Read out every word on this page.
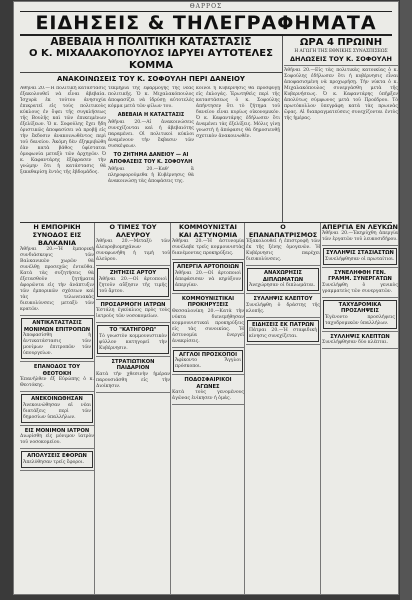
ΘΑΡΡΟΣ
ΕΙΔΗΣΕΙΣ & ΤΗΛΕΓΡΑΦΗΜΑΤΑ
ΑΒΕΒΑΙΑ Η ΠΟΛΙΤΙΚΗ ΚΑΤΑΣΤΑΣΙΣ
Ο Κ. ΜΙΧΑΛΑΚΟΠΟΥΛΟΣ ΙΔΡΥΕΙ ΑΥΤΟΤΕΛΕΣ ΚΟΜΜΑ
ΑΝΑΚΟΙΝΩΣΕΙΣ ΤΟΥ Κ. ΣΟΦΟΥΛΗ ΠΕΡΙ ΔΑΝΕΙΟΥ

Ἀθῆναι 20.—Ἡ πολιτικὴ κατάστασις ἐξακολουθεῖ νὰ εἶναι ἀβεβαία. Ἰσχυρὰ ἐκ τούτου ἀνησυχία ἐπικρατεῖ εἰς τοὺς πολιτικοὺς κύκλους ἐν ὄψει τῆς συγκλήσεως τῆς Βουλῆς καὶ τῶν ἐπικειμένων ἐξελίξεων. Ὁ κ. Σοφούλης ἔχει ἤδη ὁριστικῶς ἀποφασίσει νὰ προβῇ εἰς τὴν ἔκδοσιν ἀνακοινωθέντος περὶ τοῦ δανείου. Ἀκόμη δὲν ἐξηκριβώθη ἐὰν κατὰ βάθος ὑφίσταται ὁμοφωνία μεταξὺ τῶν ἀρχηγῶν. Ὁ κ. Καφαντάρης ἐξέφρασεν τὴν γνώμην ὅτι ἡ κατάστασις θὰ ξεκαθαρίσῃ ἐντὸς τῆς ἑβδομάδος.

τεκμήρια τῆς ἐφαρμογῆς τῆς νέας πολιτικῆς. Ὁ κ. Μιχαλακόπουλος ἀποφασίζει νὰ ἱδρύσῃ αὐτοτελὲς κόμμα μετὰ τῶν φίλων του.

ΑΒΕΒΑΙΑ Η ΚΑΤΑΣΤΑΣΙΣ

Ἀθῆναι 20.—Αἱ ἀνακοινώσεις συνεχίζονται καὶ ἡ ἀβεβαιότης παραμένει. Οἱ πολιτικοὶ κύκλοι ἀναμένουν τὴν ἔκβασιν τῶν συσκέψεων.

ΤΟ ΖΗΤΗΜΑ ΔΑΝΕΙΟΥ — ΑΙ ΑΠΟΦΑΣΕΙΣ ΤΟΥ Κ. ΣΟΦΟΥΛΗ

Ἀθῆναι 20.—Καθ' ἃ πληροφορούμεθα ἡ Κυβέρνησις θὰ ἀνακοινώσῃ τὰς ἀποφάσεις της.

κοινοί ἡ Κυβέρνησις θὰ προσφυγῇ εἰς ἐκλογάς. Ἐρωτηθεὶς περὶ τῆς καταστάσεως ὁ κ. Σοφούλης ἀπήντησεν ὅτι τὸ ζήτημα τοῦ δανείου εἶναι κυρίως οἰκονομικόν. Ὁ κ. Καφαντάρης ἐδήλωσεν ὅτι ἀναμένει τὰς ἐξελίξεις. Μόλις γίνῃ γνωστὴ ἡ ἀπόφασις θὰ δημοσιευθῇ σχετικὸν ἀνακοινωθέν.

ΩΡΑ 4 ΠΡΩΙΝΗ
Η ΑΓΩΓΗ ΤΗΣ ΕΘΝΙΚΗΣ ΣΥΝΑΣΠΙΣΕΩΣ
ΔΗΛΩΣΕΙΣ ΤΟΥ Κ. ΣΟΦΟΥΛΗ

Ἀθῆναι 20.—Εἰς τὰς πολιτικὰς κατοικίας ὁ κ. Σοφούλης ἐδήλωσεν ὅτι ἡ κυβέρνησις εἶναι ἀποφασισμένη νὰ προχωρήσῃ. Τὴν νύκτα ὁ κ. Μιχαλακόπουλος συνεργάσθη μετὰ τῆς Κυβερνήσεως. Ὁ κ. Καφαντάρης ὑπῆρξεν ἀπολύτως σύμφωνος μετὰ τοῦ Προέδρου. Τὸ πρωτόκολλον ὑπεγράφη κατὰ τὰς πρωινὰς ὥρας. Αἱ διαπραγματεύσεις συνεχίζονται ἐντὸς τῆς ἡμέρας.

Η ΕΜΠΟΡΙΚΗ ΣΥΝΟΔΟΣ ΕΙΣ ΒΑΛΚΑΝΙΑ

Ἀθῆναι 20.—Ἡ ἐμπορικὴ συνδιάσκεψις τῶν Βαλκανικῶν χωρῶν θὰ συνέλθῃ προσεχῶς ἐνταῦθα. Κατὰ τὰς συζητήσεις θὰ ἐξετασθοῦν ζητήματα ἀφορῶντα εἰς τὴν ἀνάπτυξιν τῶν ἐμπορικῶν σχέσεων καὶ τὰς τελωνειακὰς διευκολύνσεις μεταξὺ τῶν κρατῶν.

ΑΝΤΙΚΑΤΑΣΤΑΣΙΣ ΜΟΝΙΜΩΝ ΕΠΙΤΡΟΠΩΝ

Ἀποφασίσθη ἡ ἀντικατάστασις τῶν μονίμων ἐπιτροπῶν τῶν ὑπουργείων.

ΕΠΑΝΟΔΟΣ ΤΟΥ ΘΕΟΤΟΚΗ

Ἐπανῆλθεν ἐξ Εὐρώπης ὁ κ. Θεοτόκης.

ΑΝΕΚΟΙΝΩΘΗΣΑΝ

Ἀνεκοινώθησαν αἱ νέαι διατάξεις περὶ τῶν δημοσίων ὑπαλλήλων.

ΕΙΣ ΜΟΝΙΜΟΝ ΙΑΤΡΟΝ

Διωρίσθη εἰς μόνιμον ἰατρὸν τοῦ νοσοκομείου.

ΑΠΟΛΥΣΕΙΣ ΕΦΟΡΩΝ

Ἀπελύθησαν τρεῖς ἔφοροι.

Ο ΤΙΜΕΣ ΤΟΥ ΑΛΕΥΡΟΥ

Ἀθῆναι 20.—Μεταξὺ τῶν ἀλευροβιομηχάνων συνεφωνήθη ἡ τιμὴ τοῦ ἀλεύρου.

ΖΗΤΗΣΙΣ ΑΡΤΟΥ

Ἀθῆναι 20.—Οἱ ἀρτοποιοὶ ζητοῦν αὔξησιν τῆς τιμῆς τοῦ ἄρτου.

ΠΡΟΣΑΡΜΟΓΗ ΙΑΤΡΩΝ

Ἐστάλη ἐγκύκλιος πρὸς τοὺς ἰατροὺς τῶν νοσοκομείων.

ΤΟ "ΚΑΤΗΓΟΡΩ"

Τὸ γνωστὸν κομμουνιστικὸν φύλλον κατηγορεῖ τὴν Κυβέρνησιν.

ΣΤΡΑΤΙΩΤΙΚΟΝ ΠΑΙΔΑΡΙΟΝ

Κατὰ τὴν χθεσινὴν ἡμέραν παρουσιάσθη εἰς τὴν Διοίκησιν.

ΚΟΜΜΟΥΝΙΣΤΑΙ ΚΑΙ ΑΣΤΥΝΟΜΙΑ

Ἀθῆναι 20.—Ἡ ἀστυνομία συνέλαβε τρεῖς κομμουνιστὰς διανέμοντας προκηρύξεις.

ΑΠΕΡΓΙΑ ΑΡΤΟΠΟΙΩΝ

Ἀθῆναι 20.—Οἱ ἀρτοποιοὶ ἀπεφάσισαν νὰ κηρύξουν ἀπεργίαν.

ΚΟΜΜΟΥΝΙΣΤΙΚΑΙ ΠΡΟΚΗΡΥΞΕΙΣ

Θεσσαλονίκη 20.—Κατὰ τὴν νύκτα διενεμήθησαν κομμουνιστικαὶ προκηρύξεις εἰς τὰς συνοικίας. Ἡ ἀστυνομία ἐνεργεῖ ἀνακρίσεις.

ΑΓΓΛΟΙ ΠΡΟΣΚΟΠΟΙ

Ἀφίκοντο Ἄγγλοι πρόσκοποι.

ΠΟΔΟΣΦΑΙΡΙΚΟΙ ΑΓΩΝΕΣ

Κατὰ τοὺς γενομένους ἀγῶνας ἐνίκησεν ἡ ὁμάς.

Ο ΕΠΑΝΑΠΑΤΡΙΣΜΟΣ

Ἐξακολουθεῖ ἡ ἐπιστροφὴ τῶν ἐκ τῆς ξένης ὁμογενῶν. Ἡ Κυβέρνησις παρέχει διευκολύνσεις.

ΑΝΑΧΩΡΗΣΙΣ ΔΙΠΛΩΜΑΤΩΝ

Ἀνεχώρησαν οἱ διπλωμάται.

ΣΥΛΛΗΨΙΣ ΚΛΕΠΤΟΥ

Συνελήφθη ὁ δράστης τῆς κλοπῆς.

ΕΙΔΗΣΕΙΣ ΕΚ ΠΑΤΡΩΝ

Πάτραι 20.—Ἡ σταφιδικὴ κίνησις συνεχίζεται.

ΑΠΕΡΓΙΑ ΕΝ ΛΕΥΚΩΝ

Ἀθῆναι 20.—Ἐκηρύχθη ἀπεργία τῶν ἐργατῶν τοῦ λευκοσιδήρου.

ΣΥΛΛΗΨΙΣ ΣΤΑΣΙΑΣΤΩΝ

Συνελήφθησαν οἱ πρωταίτιοι.

ΣΥΝΕΛΗΦΘΗ ΓΕΝ. ΓΡΑΜΜ. ΣΥΝΕΡΓΑΤΩΝ

Συνελήφθη ὁ γενικὸς γραμματεὺς τῶν συνεργατῶν.

ΤΑΧΥΔΡΟΜΙΚΑ ΠΡΟΣΛΗΨΕΙΣ

Ἐγένοντο προσλήψεις ταχυδρομικῶν ὑπαλλήλων.

ΣΥΛΛΗΨΙΣ ΚΛΕΠΤΩΝ

Συνελήφθησαν δύο κλέπται.
